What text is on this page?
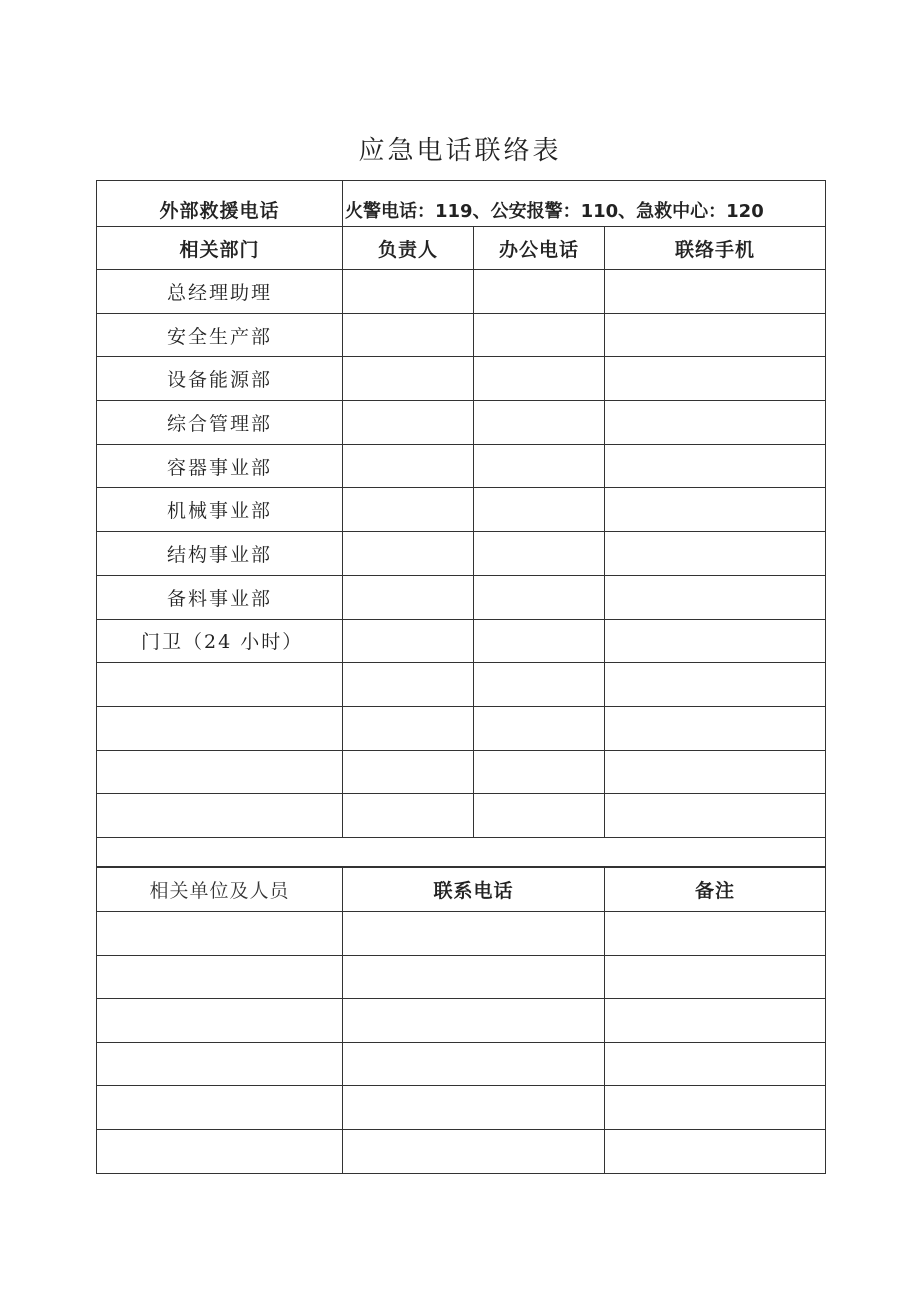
应急电话联络表
外部救援电话	火警电话：119、公安报警：110、急救中心：120		
相关部门	负责人	办公电话	联络手机
总经理助理			
安全生产部			
设备能源部			
综合管理部			
容器事业部			
机械事业部			
结构事业部			
备料事业部			
门卫（24 小时）			

相关单位及人员	联系电话	备注
